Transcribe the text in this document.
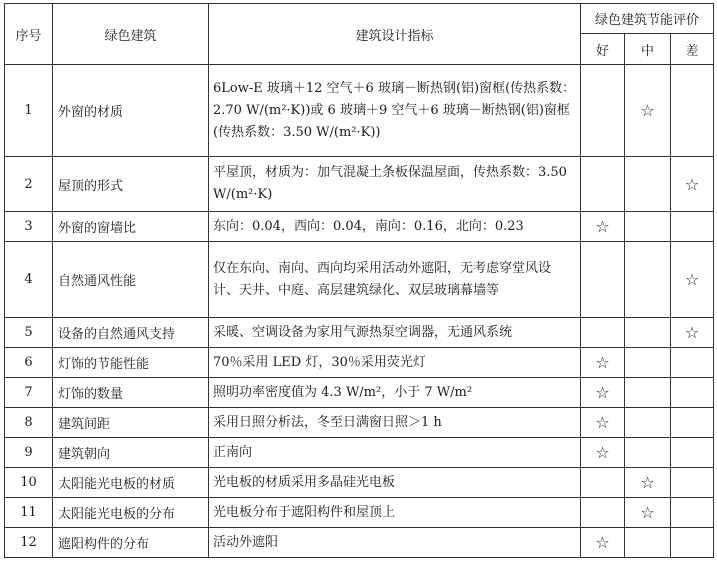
序号	绿色建筑	建筑设计指标	绿色建筑节能评价		
			好	中	差
1	外窗的材质	6Low-E 玻璃＋12 空气＋6 玻璃－断热钢(铝)窗框(传热系数：2.70 W/(m²·K))或 6 玻璃＋9 空气＋6 玻璃－断热钢(铝)窗框(传热系数：3.50 W/(m²·K))		☆	
2	屋顶的形式	平屋顶，材质为：加气混凝土条板保温屋面，传热系数：3.50 W/(m²·K)			☆
3	外窗的窗墙比	东向：0.04，西向：0.04，南向：0.16，北向：0.23	☆		
4	自然通风性能	仅在东向、南向、西向均采用活动外遮阳，无考虑穿堂风设计、天井、中庭、高层建筑绿化、双层玻璃幕墙等			☆
5	设备的自然通风支持	采暖、空调设备为家用气源热泵空调器，无通风系统			☆
6	灯饰的节能性能	70％采用 LED 灯，30％采用荧光灯	☆		
7	灯饰的数量	照明功率密度值为 4.3 W/m²，小于 7 W/m²	☆		
8	建筑间距	采用日照分析法，冬至日满窗日照＞1 h	☆		
9	建筑朝向	正南向	☆		
10	太阳能光电板的材质	光电板的材质采用多晶硅光电板		☆	
11	太阳能光电板的分布	光电板分布于遮阳构件和屋顶上		☆	
12	遮阳构件的分布	活动外遮阳	☆		
